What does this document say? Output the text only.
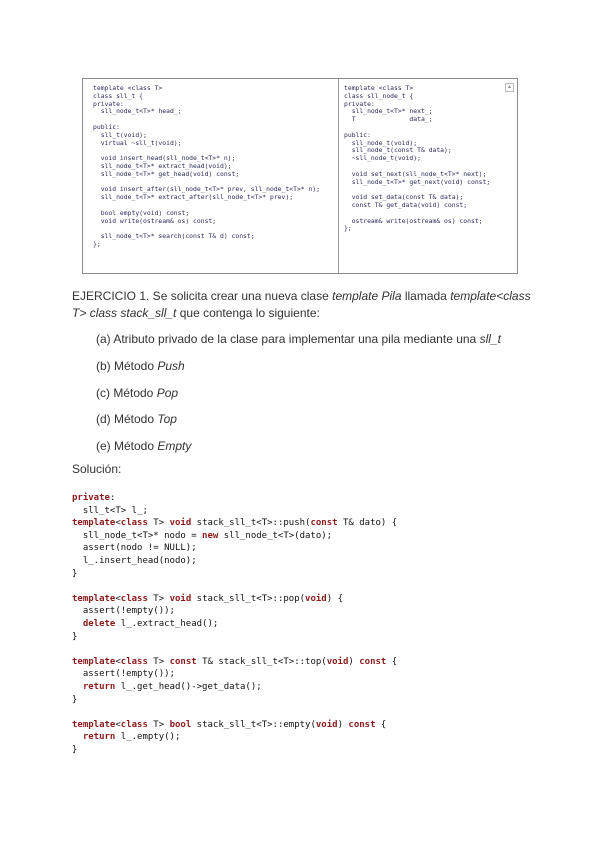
template <class T>
class sll_t {
private:
sll_node_t<T>* head_;

public:
sll_t(void);
virtual ~sll_t(void);

void insert_head(sll_node_t<T>* n);
sll_node_t<T>* extract_head(void);
sll_node_t<T>* get_head(void) const;

void insert_after(sll_node_t<T>* prev, sll_node_t<T>* n);
sll_node_t<T>* extract_after(sll_node_t<T>* prev);

bool empty(void) const;
void write(ostream& os) const;

sll_node_t<T>* search(const T& d) const;
};
template <class T>
class sll_node_t {
private:
sll_node_t<T>* next_;
T              data_;

public:
sll_node_t(void);
sll_node_t(const T& data);
~sll_node_t(void);

void set_next(sll_node_t<T>* next);
sll_node_t<T>* get_next(void) const;

void set_data(const T& data);
const T& get_data(void) const;

ostream& write(ostream& os) const;
};
▲
EJERCICIO 1. Se solicita crear una nueva clase template Pila llamada template<class T> class stack_sll_t que contenga lo siguiente:
(a) Atributo privado de la clase para implementar una pila mediante una sll_t
(b) Método Push
(c) Método Pop
(d) Método Top
(e) Método Empty
Solución:
private:
sll_t<T> l_;
template<class T> void stack_sll_t<T>::push(const T& dato) {
sll_node_t<T>* nodo = new sll_node_t<T>(dato);
assert(nodo != NULL);
l_.insert_head(nodo);
}

template<class T> void stack_sll_t<T>::pop(void) {
assert(!empty());
delete l_.extract_head();
}

template<class T> const T& stack_sll_t<T>::top(void) const {
assert(!empty());
return l_.get_head()->get_data();
}

template<class T> bool stack_sll_t<T>::empty(void) const {
return l_.empty();
}
